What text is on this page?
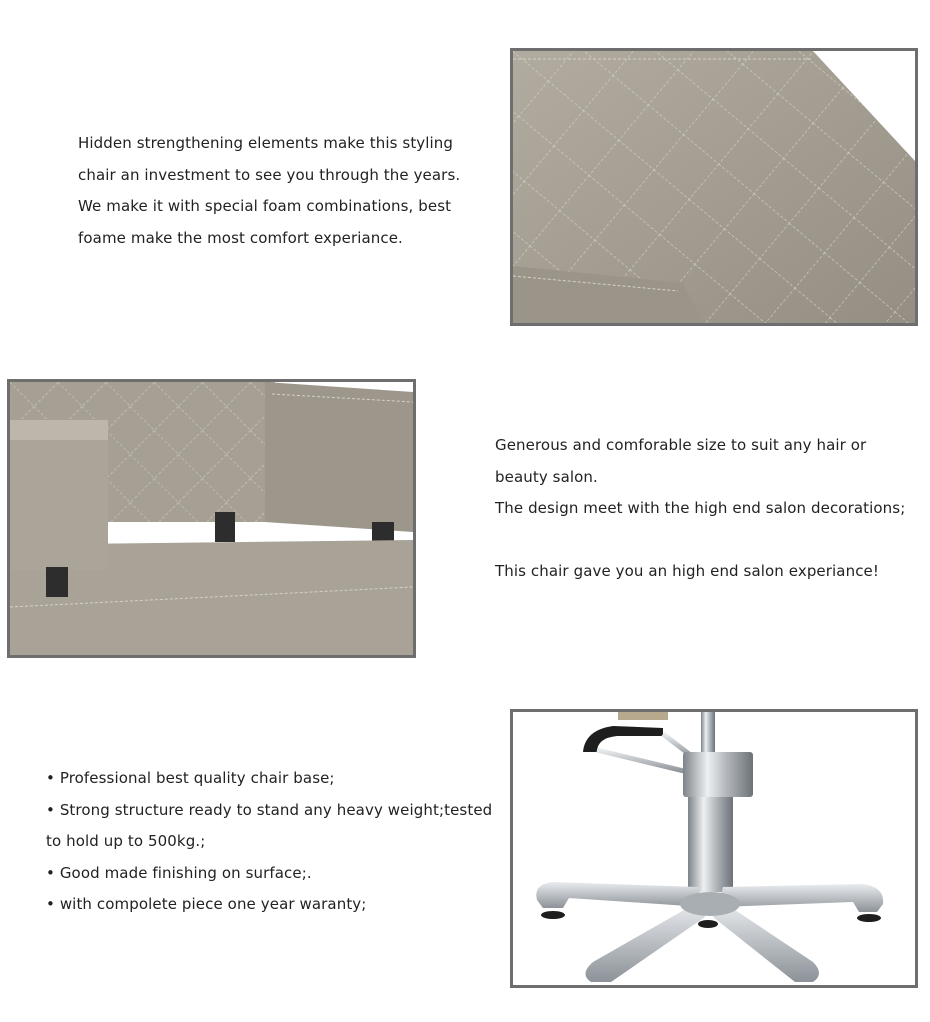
Hidden strengthening elements make this styling

chair an investment to see you through the years.

We make it with special foam combinations, best

foame make the most comfort experiance.

Generous and comforable size to suit any hair or

beauty salon.

The design meet with the high end salon decorations;

This chair gave you an high end salon experiance!

• Professional best quality chair base;

• Strong structure ready to stand any heavy weight;tested

to hold up to 500kg.;

• Good made finishing on surface;.

• with compolete piece one year waranty;
